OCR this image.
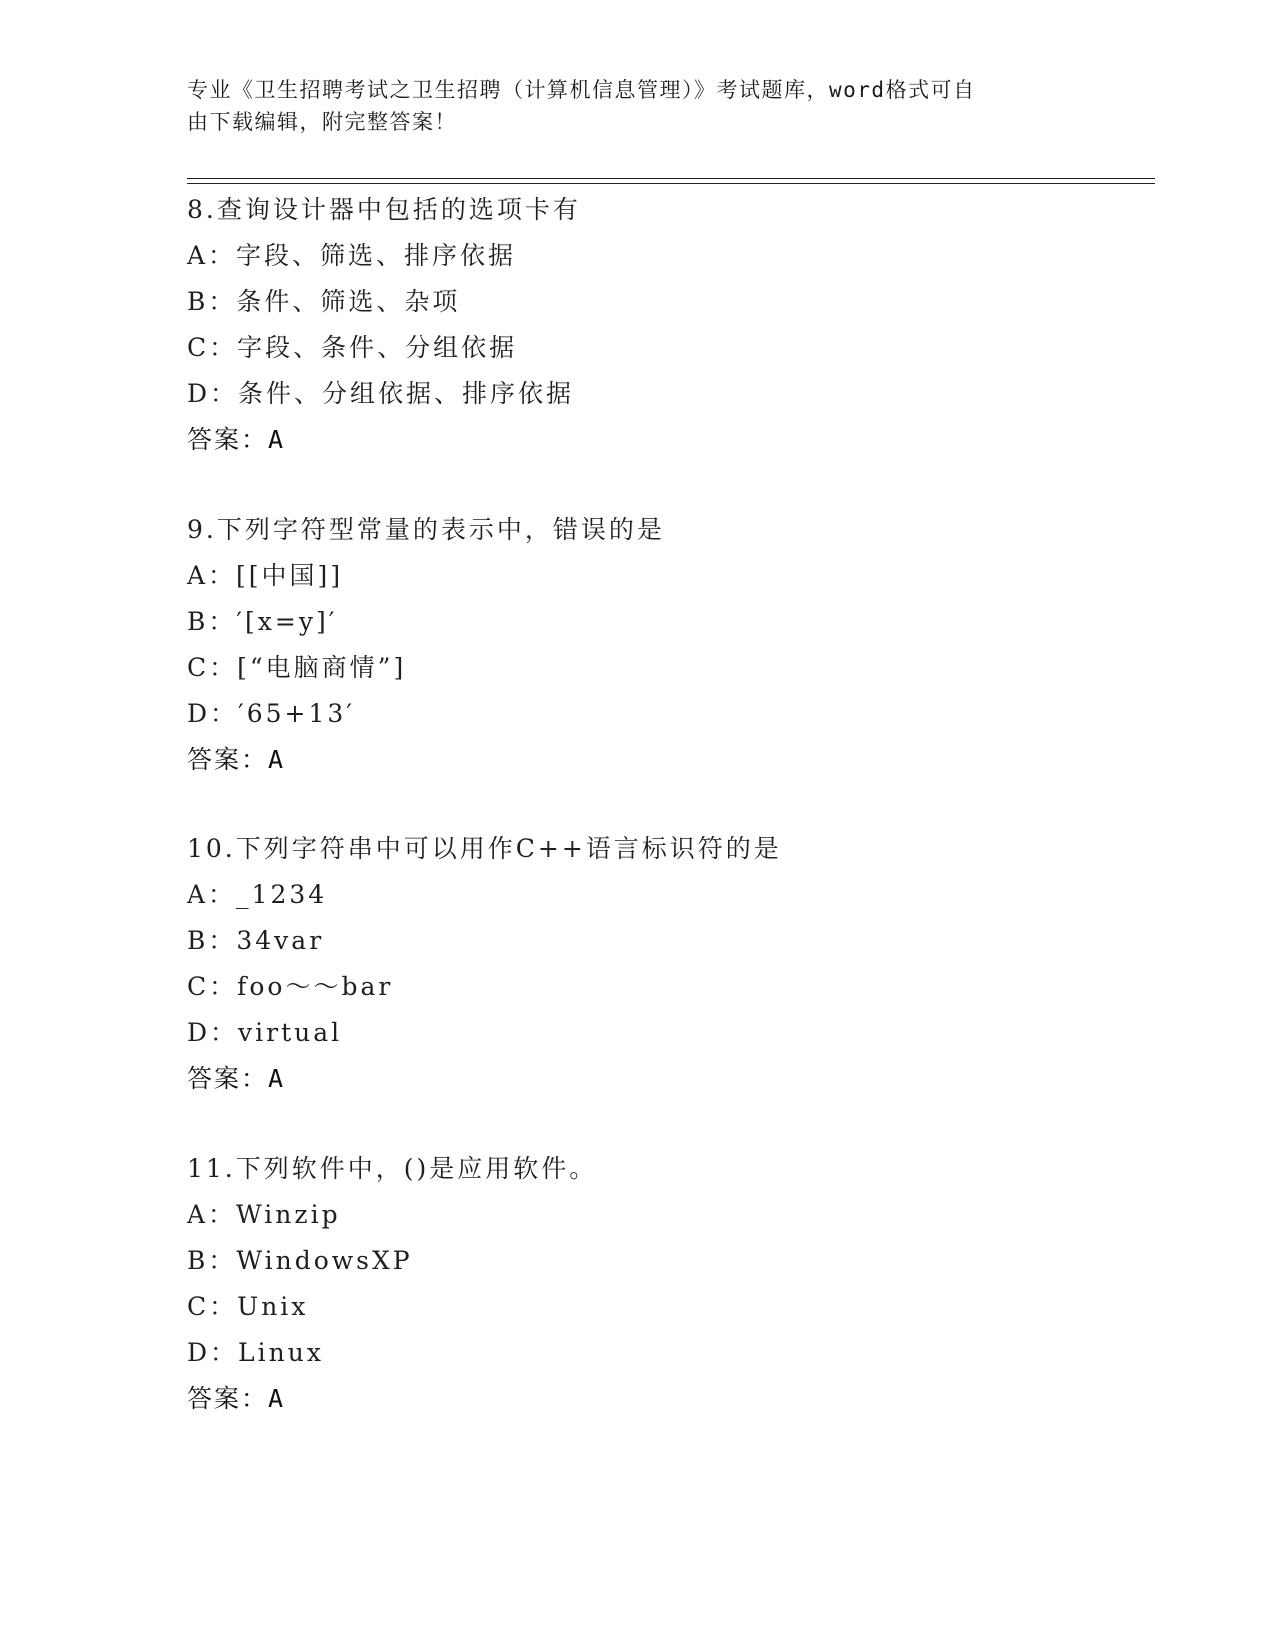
专业《卫生招聘考试之卫生招聘（计算机信息管理）》考试题库，word格式可自
由下载编辑，附完整答案！
8.查询设计器中包括的选项卡有
A：字段、筛选、排序依据
B：条件、筛选、杂项
C：字段、条件、分组依据
D：条件、分组依据、排序依据
答案：A
9.下列字符型常量的表示中，错误的是
A：[[中国]]
B：′[x=y]′
C：[“电脑商情”]
D：′65+13′
答案：A
10.下列字符串中可以用作C++语言标识符的是
A：_1234
B：34var
C：foo～～bar
D：virtual
答案：A
11.下列软件中，()是应用软件。
A：Winzip
B：WindowsXP
C：Unix
D：Linux
答案：A
